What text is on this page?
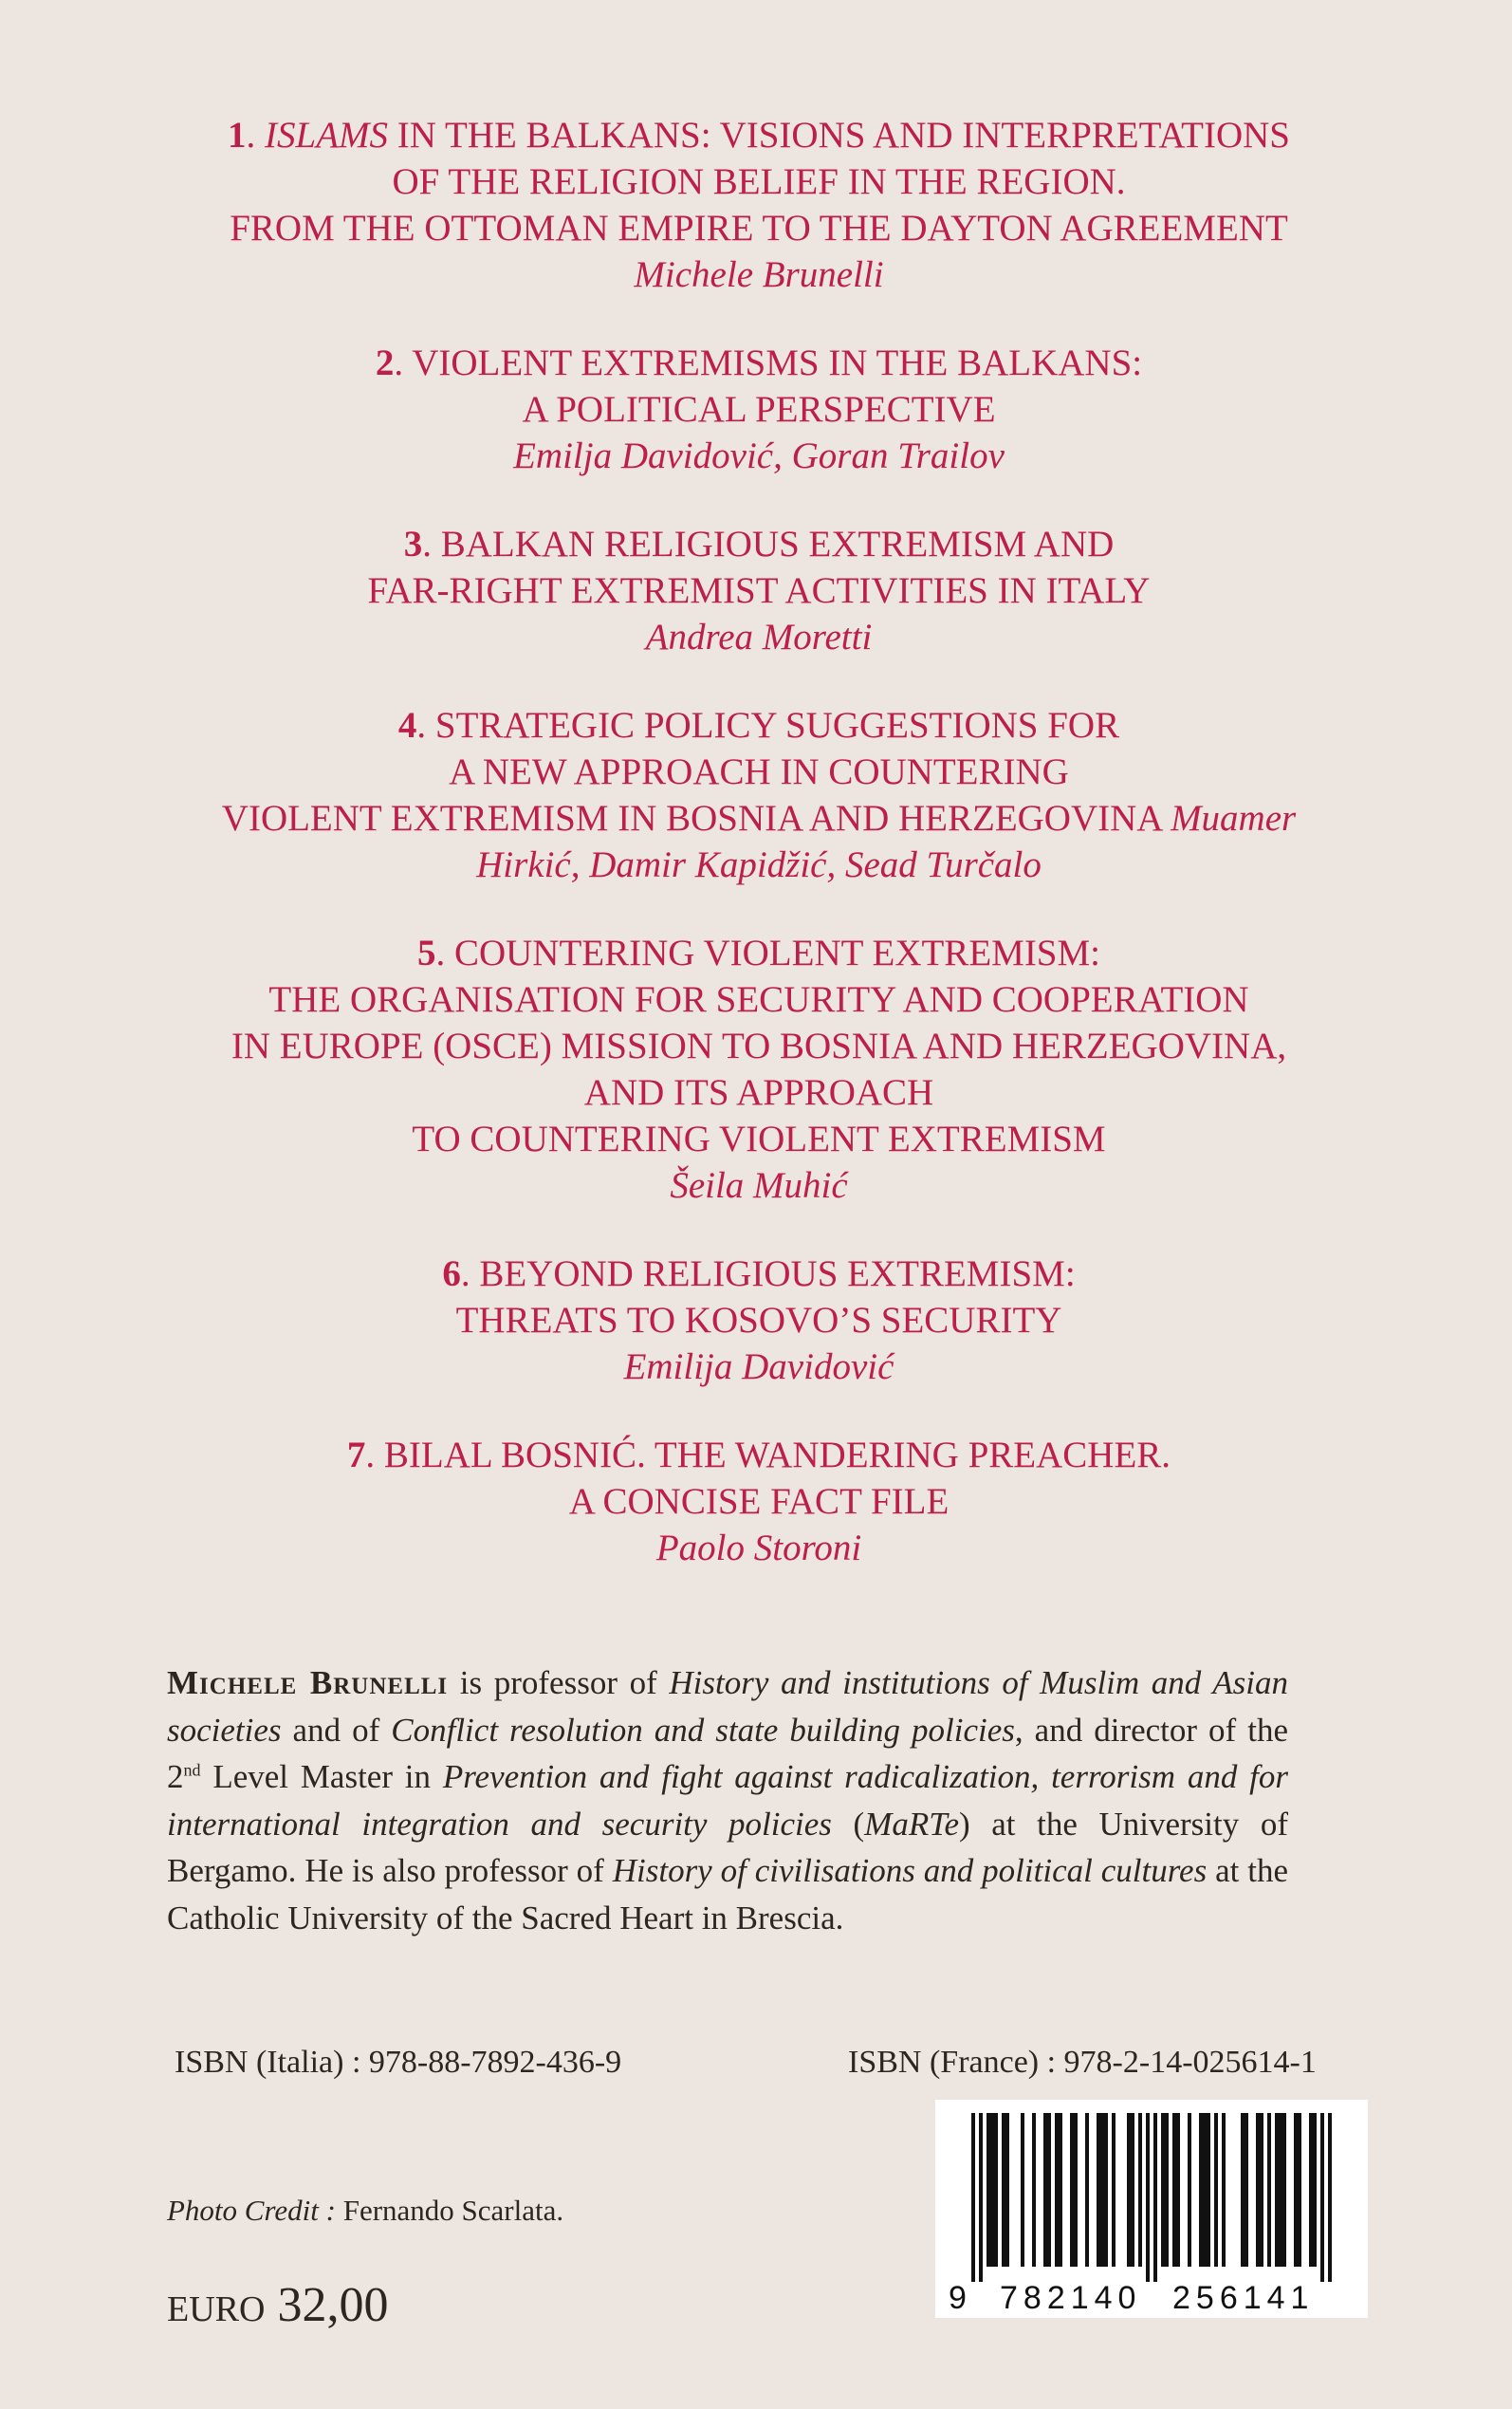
1. ISLAMS IN THE BALKANS: VISIONS AND INTERPRETATIONS
OF THE RELIGION BELIEF IN THE REGION.
FROM THE OTTOMAN EMPIRE TO THE DAYTON AGREEMENT
Michele Brunelli
2. VIOLENT EXTREMISMS IN THE BALKANS:
A POLITICAL PERSPECTIVE
Emilja Davidović, Goran Trailov
3. BALKAN RELIGIOUS EXTREMISM AND
FAR-RIGHT EXTREMIST ACTIVITIES IN ITALY
Andrea Moretti
4. STRATEGIC POLICY SUGGESTIONS FOR
A NEW APPROACH IN COUNTERING
VIOLENT EXTREMISM IN BOSNIA AND HERZEGOVINA Muamer
Hirkić, Damir Kapidžić, Sead Turčalo
5. COUNTERING VIOLENT EXTREMISM:
THE ORGANISATION FOR SECURITY AND COOPERATION
IN EUROPE (OSCE) MISSION TO BOSNIA AND HERZEGOVINA,
AND ITS APPROACH
TO COUNTERING VIOLENT EXTREMISM
Šeila Muhić
6. BEYOND RELIGIOUS EXTREMISM:
THREATS TO KOSOVO’S SECURITY
Emilija Davidović
7. BILAL BOSNIĆ. THE WANDERING PREACHER.
A CONCISE FACT FILE
Paolo Storoni
Michele Brunelli is professor of History and institutions of Muslim and Asian societies and of Conflict resolution and state building policies, and director of the 2nd Level Master in Prevention and fight against radicalization, terrorism and for international integration and security policies (MaRTe) at the University of Bergamo. He is also professor of History of civilisations and political cultures at the Catholic University of the Sacred Heart in Brescia.
ISBN (Italia) : 978-88-7892-436-9	ISBN (France) : 978-2-14-025614-1
9 782140 256141
Photo Credit : Fernando Scarlata.
EURO 32,00
